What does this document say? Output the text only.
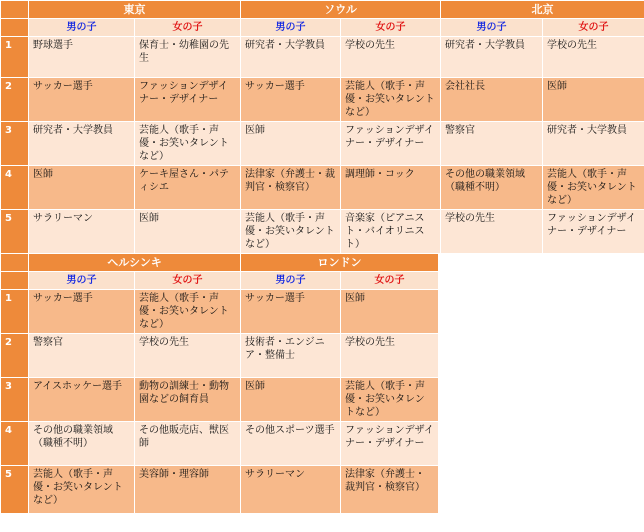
	東京		ソウル		北京	
	男の子	女の子	男の子	女の子	男の子	女の子
1	野球選手	保育士・幼稚園の先生	研究者・大学教員	学校の先生	研究者・大学教員	学校の先生
2	サッカー選手	ファッションデザイナー・デザイナー	サッカー選手	芸能人（歌手・声優・お笑いタレントなど）	会社社長	医師
3	研究者・大学教員	芸能人（歌手・声優・お笑いタレントなど）	医師	ファッションデザイナー・デザイナー	警察官	研究者・大学教員
4	医師	ケーキ屋さん・パティシエ	法律家（弁護士・裁判官・検察官）	調理師・コック	その他の職業領域（職種不明）	芸能人（歌手・声優・お笑いタレントなど）
5	サラリーマン	医師	芸能人（歌手・声優・お笑いタレントなど）	音楽家（ピアニスト・バイオリニスト）	学校の先生	ファッションデザイナー・デザイナー
	ヘルシンキ		ロンドン	
	男の子	女の子	男の子	女の子
1	サッカー選手	芸能人（歌手・声優・お笑いタレントなど）	サッカー選手	医師
2	警察官	学校の先生	技術者・エンジニア・整備士	学校の先生
3	アイスホッケー選手	動物の訓練士・動物園などの飼育員	医師	芸能人（歌手・声優・お笑いタレントなど）
4	その他の職業領域（職種不明）	その他販売店、獣医師	その他スポーツ選手	ファッションデザイナー・デザイナー
5	芸能人（歌手・声優・お笑いタレントなど）	美容師・理容師	サラリーマン	法律家（弁護士・裁判官・検察官）
